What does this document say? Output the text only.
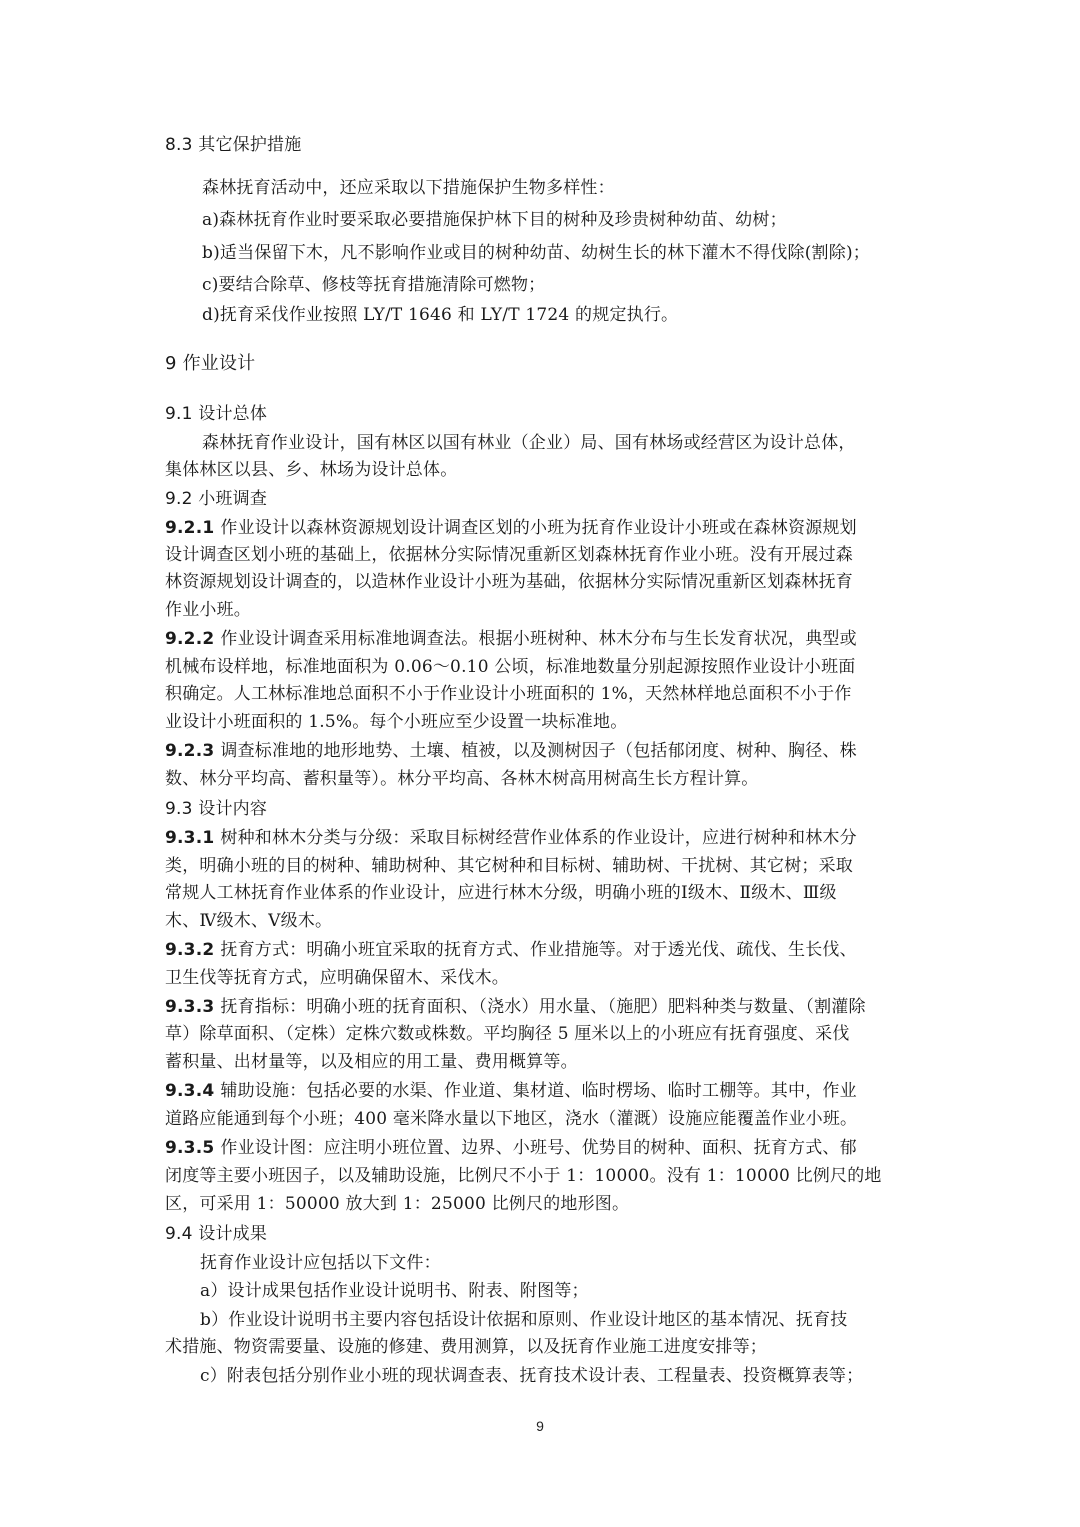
8.3 其它保护措施
森林抚育活动中，还应采取以下措施保护生物多样性：
a)森林抚育作业时要采取必要措施保护林下目的树种及珍贵树种幼苗、幼树；
b)适当保留下木，凡不影响作业或目的树种幼苗、幼树生长的林下灌木不得伐除(割除)；
c)要结合除草、修枝等抚育措施清除可燃物；
d)抚育采伐作业按照 LY/T 1646 和 LY/T 1724 的规定执行。
9 作业设计
9.1 设计总体
森林抚育作业设计，国有林区以国有林业（企业）局、国有林场或经营区为设计总体，
集体林区以县、乡、林场为设计总体。
9.2 小班调查
9.2.1 作业设计以森林资源规划设计调查区划的小班为抚育作业设计小班或在森林资源规划
设计调查区划小班的基础上，依据林分实际情况重新区划森林抚育作业小班。没有开展过森
林资源规划设计调查的，以造林作业设计小班为基础，依据林分实际情况重新区划森林抚育
作业小班。
9.2.2 作业设计调查采用标准地调查法。根据小班树种、林木分布与生长发育状况，典型或
机械布设样地，标准地面积为 0.06～0.10 公顷，标准地数量分别起源按照作业设计小班面
积确定。人工林标准地总面积不小于作业设计小班面积的 1%，天然林样地总面积不小于作
业设计小班面积的 1.5%。每个小班应至少设置一块标准地。
9.2.3 调查标准地的地形地势、土壤、植被，以及测树因子（包括郁闭度、树种、胸径、株
数、林分平均高、蓄积量等）。林分平均高、各林木树高用树高生长方程计算。
9.3 设计内容
9.3.1 树种和林木分类与分级：采取目标树经营作业体系的作业设计，应进行树种和林木分
类，明确小班的目的树种、辅助树种、其它树种和目标树、辅助树、干扰树、其它树；采取
常规人工林抚育作业体系的作业设计，应进行林木分级，明确小班的Ⅰ级木、Ⅱ级木、Ⅲ级
木、Ⅳ级木、Ⅴ级木。
9.3.2 抚育方式：明确小班宜采取的抚育方式、作业措施等。对于透光伐、疏伐、生长伐、
卫生伐等抚育方式，应明确保留木、采伐木。
9.3.3 抚育指标：明确小班的抚育面积、（浇水）用水量、（施肥）肥料种类与数量、（割灌除
草）除草面积、（定株）定株穴数或株数。平均胸径 5 厘米以上的小班应有抚育强度、采伐
蓄积量、出材量等，以及相应的用工量、费用概算等。
9.3.4 辅助设施：包括必要的水渠、作业道、集材道、临时楞场、临时工棚等。其中，作业
道路应能通到每个小班；400 毫米降水量以下地区，浇水（灌溉）设施应能覆盖作业小班。
9.3.5 作业设计图：应注明小班位置、边界、小班号、优势目的树种、面积、抚育方式、郁
闭度等主要小班因子，以及辅助设施，比例尺不小于 1：10000。没有 1：10000 比例尺的地
区，可采用 1：50000 放大到 1：25000 比例尺的地形图。
9.4 设计成果
抚育作业设计应包括以下文件：
a）设计成果包括作业设计说明书、附表、附图等；
b）作业设计说明书主要内容包括设计依据和原则、作业设计地区的基本情况、抚育技
术措施、物资需要量、设施的修建、费用测算，以及抚育作业施工进度安排等；
c）附表包括分别作业小班的现状调查表、抚育技术设计表、工程量表、投资概算表等；
9
